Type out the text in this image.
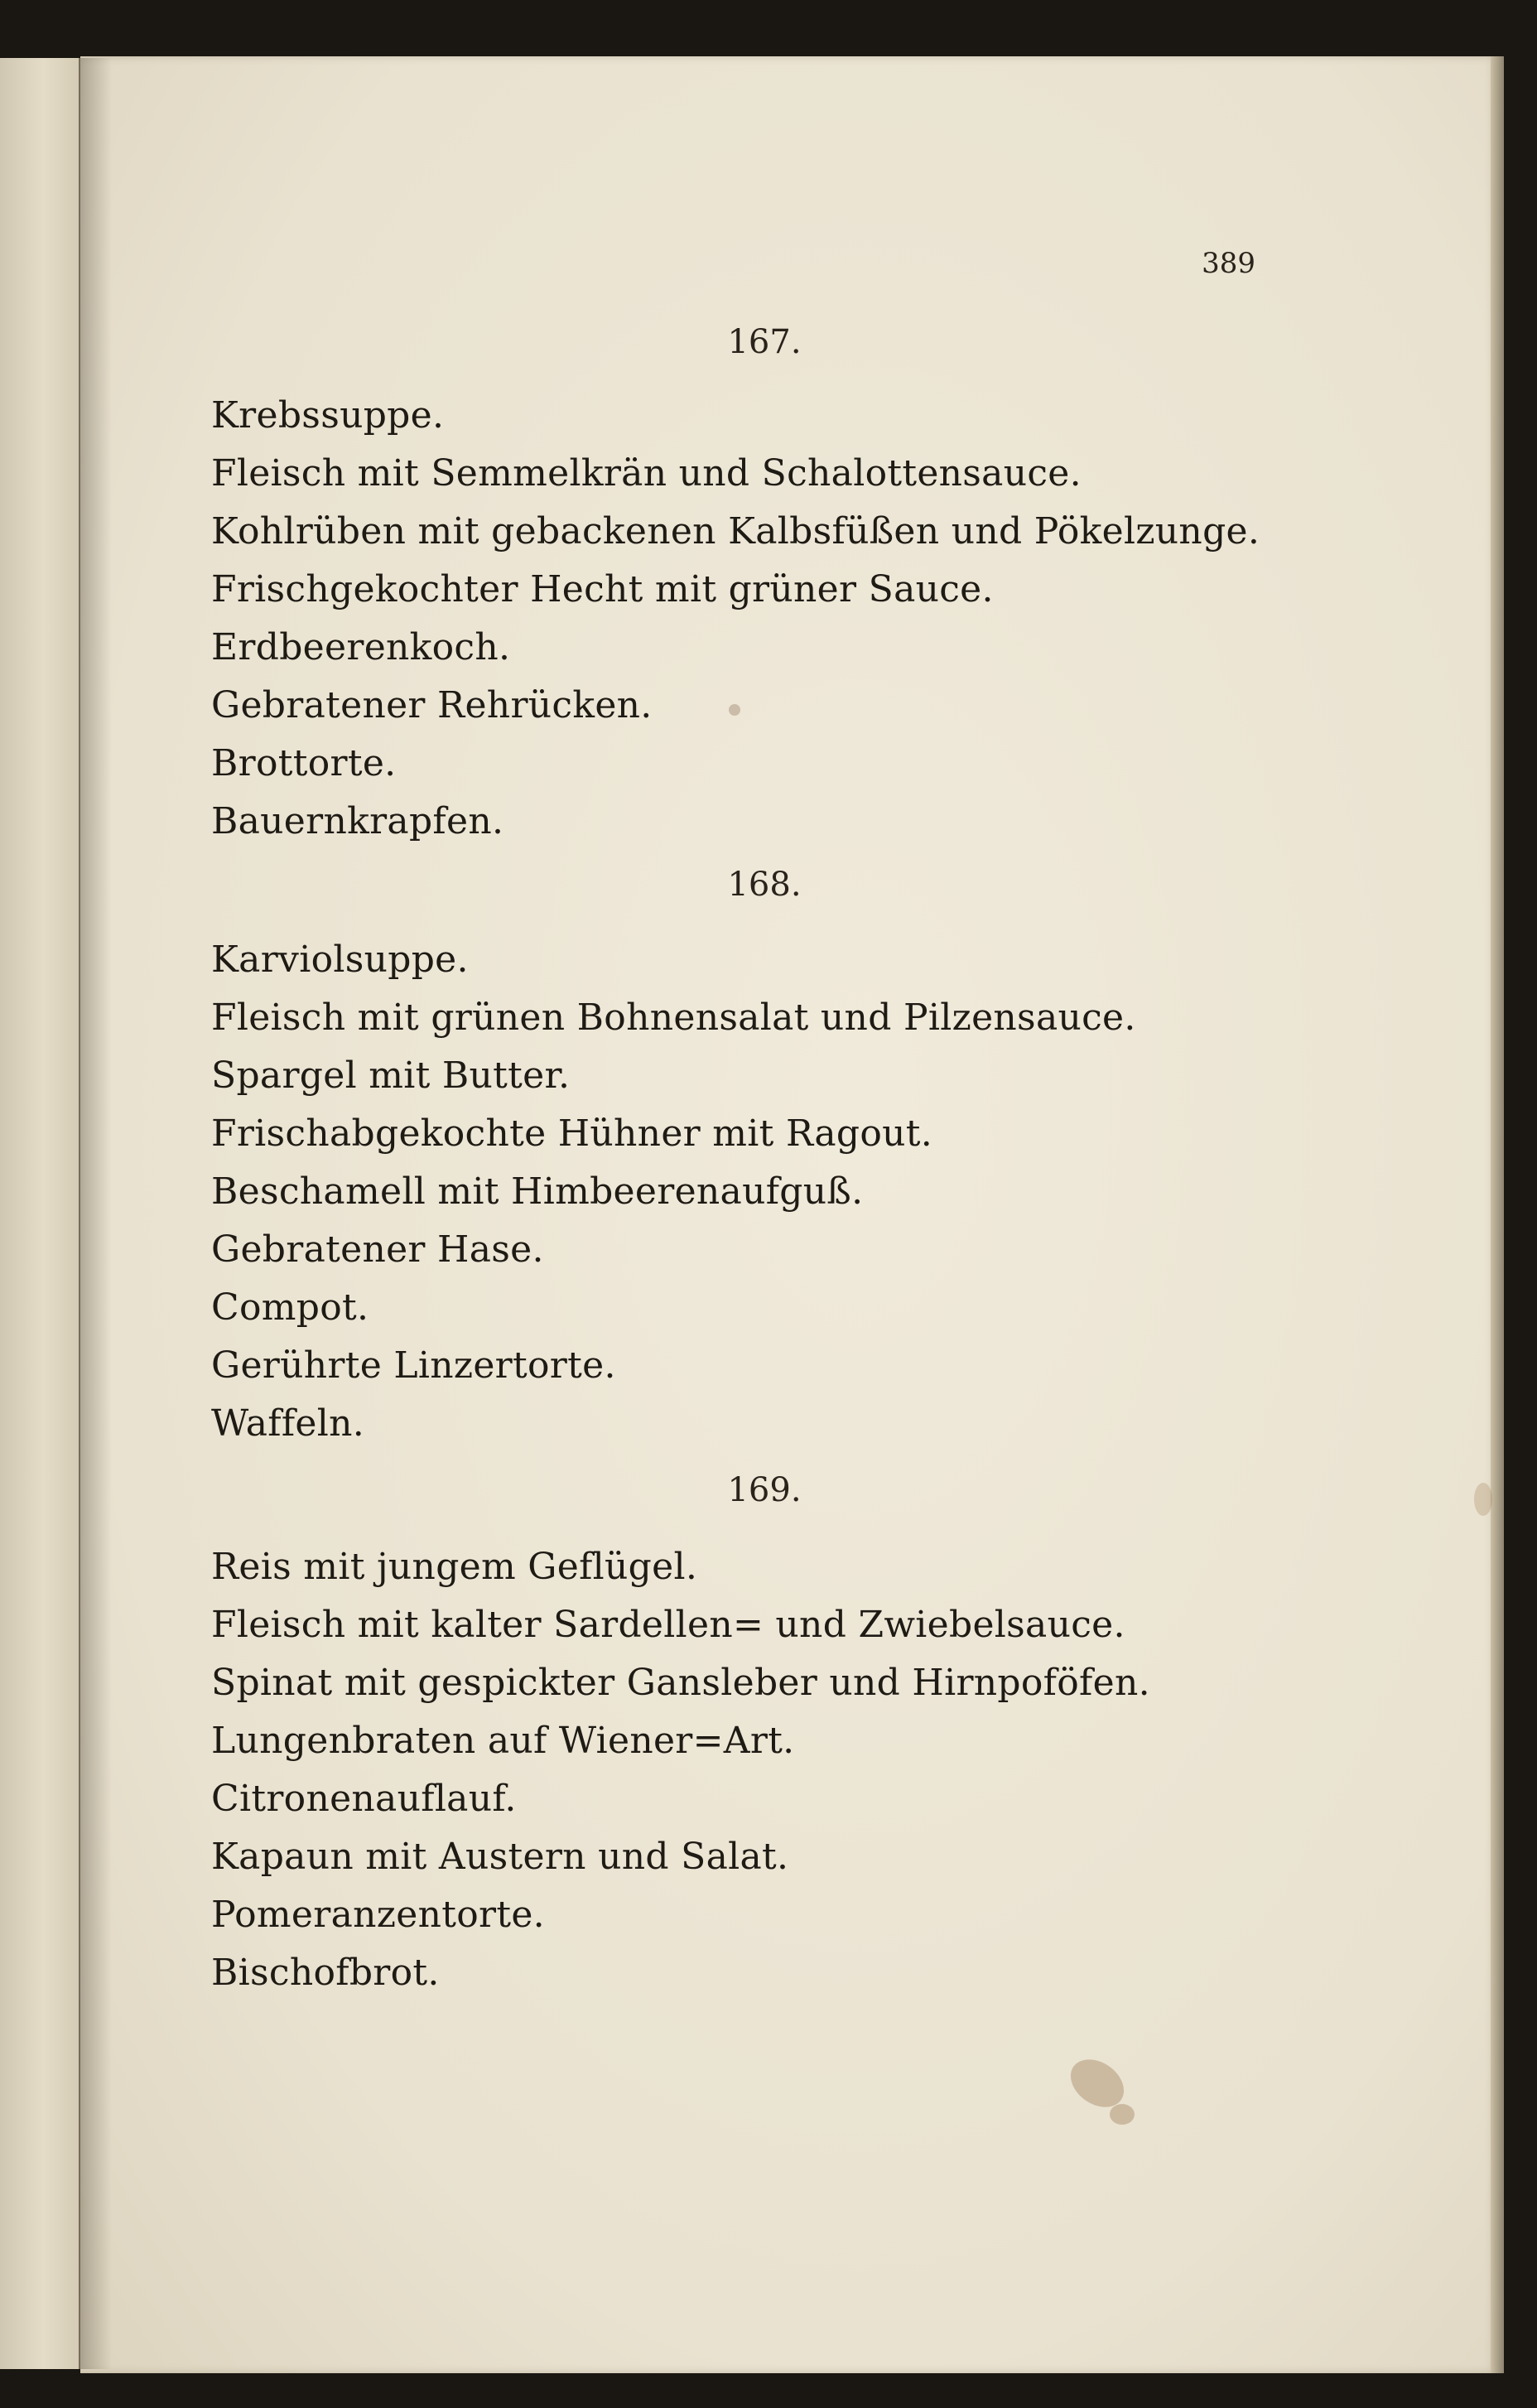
389
167.
Krebssuppe.
Fleisch mit Semmelkrän und Schalottensauce.
Kohlrüben mit gebackenen Kalbsfüßen und Pökelzunge.
Frischgekochter Hecht mit grüner Sauce.
Erdbeerenkoch.
Gebratener Rehrücken.
Brottorte.
Bauernkrapfen.
168.
Karviolsuppe.
Fleisch mit grünen Bohnensalat und Pilzensauce.
Spargel mit Butter.
Frischabgekochte Hühner mit Ragout.
Beschamell mit Himbeerenaufguß.
Gebratener Hase.
Compot.
Gerührte Linzertorte.
Waffeln.
169.
Reis mit jungem Geflügel.
Fleisch mit kalter Sardellen= und Zwiebelsauce.
Spinat mit gespickter Gansleber und Hirnpoföfen.
Lungenbraten auf Wiener=Art.
Citronenauflauf.
Kapaun mit Austern und Salat.
Pomeranzentorte.
Bischofbrot.
